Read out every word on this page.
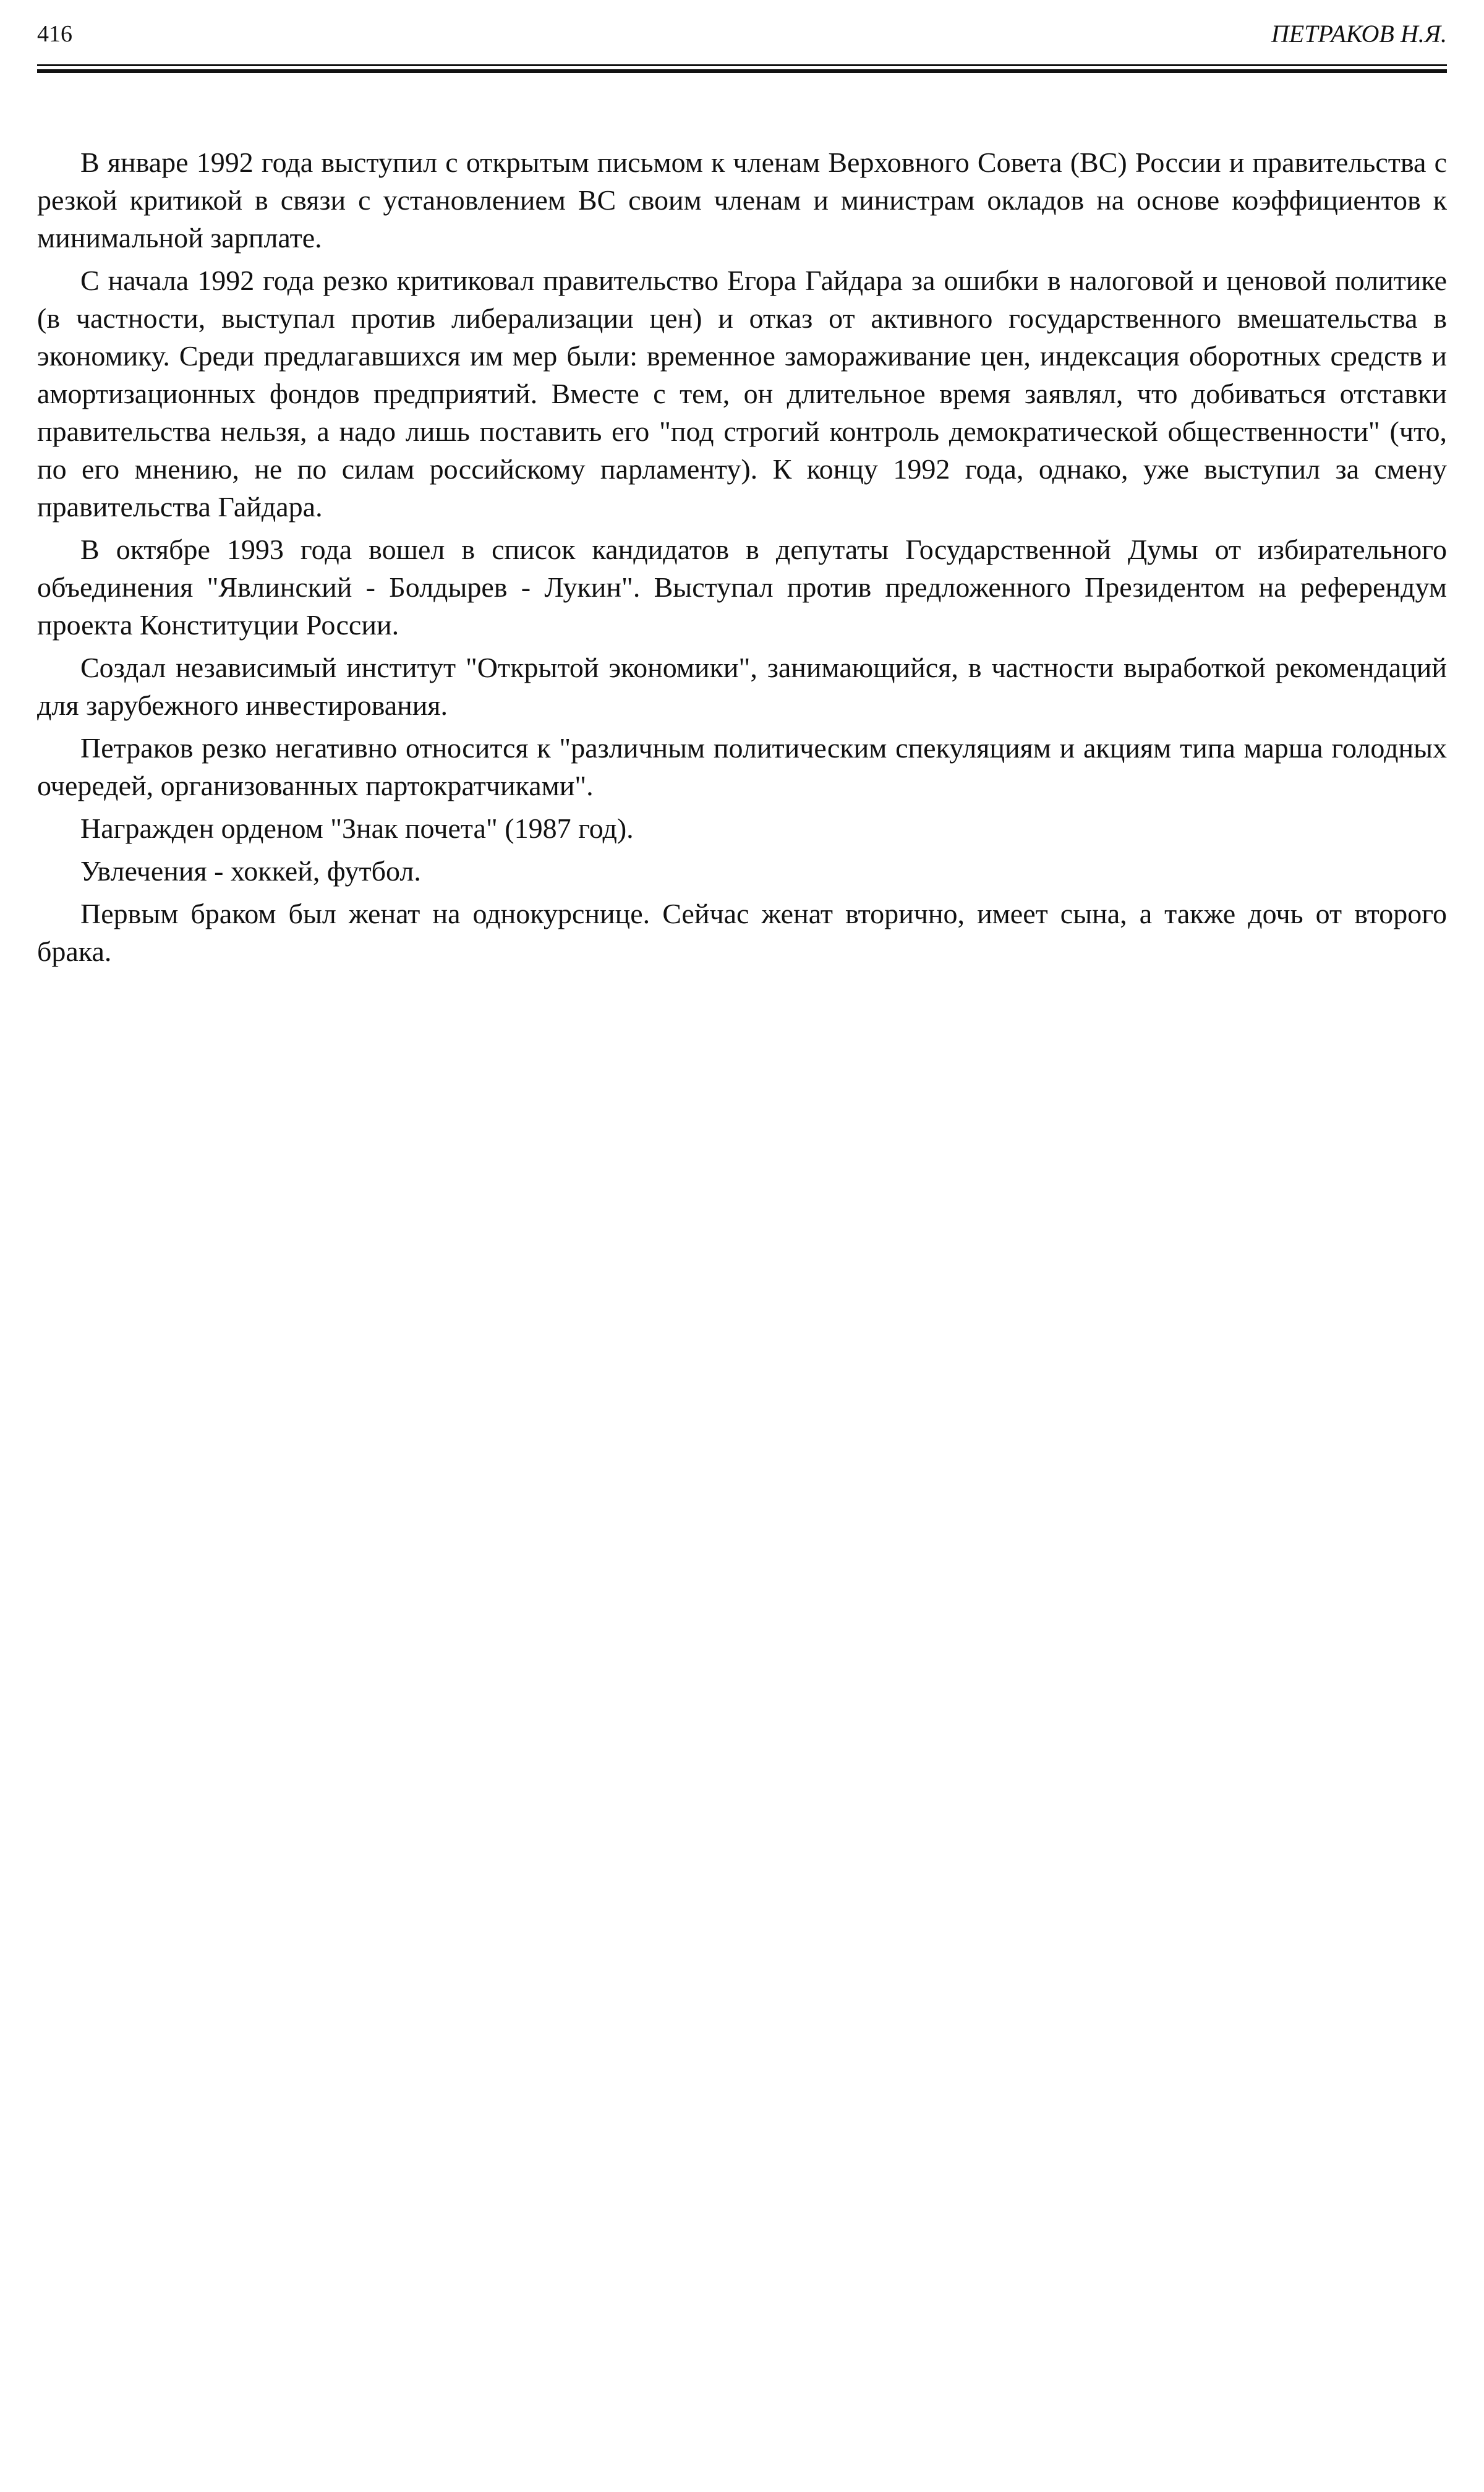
416	ПЕТРАКОВ Н.Я.

В январе 1992 года выступил с открытым письмом к членам Верховного Совета (ВС) России и правительства с резкой критикой в связи с установлением ВС своим членам и министрам окладов на основе коэффициентов к минимальной зарплате.

С начала 1992 года резко критиковал правительство Егора Гайдара за ошибки в налоговой и ценовой политике (в частности, выступал против либерализации цен) и отказ от активного государственного вмешательства в экономику. Среди предлагавшихся им мер были: временное замораживание цен, индексация оборотных средств и амортизационных фондов предприятий. Вместе с тем, он длительное время заявлял, что добиваться отставки правительства нельзя, а надо лишь поставить его "под строгий контроль демократической общественности" (что, по его мнению, не по силам российскому парламенту). К концу 1992 года, однако, уже выступил за смену правительства Гайдара.

В октябре 1993 года вошел в список кандидатов в депутаты Государственной Думы от избирательного объединения "Явлинский - Болдырев - Лукин". Выступал против предложенного Президентом на референдум проекта Конституции России.

Создал независимый институт "Открытой экономики", занимающийся, в частности выработкой рекомендаций для зарубежного инвестирования.

Петраков резко негативно относится к "различным политическим спекуляциям и акциям типа марша голодных очередей, организованных партократчиками".

Награжден орденом "Знак почета" (1987 год).

Увлечения - хоккей, футбол.

Первым браком был женат на однокурснице. Сейчас женат вторично, имеет сына, а также дочь от второго брака.
